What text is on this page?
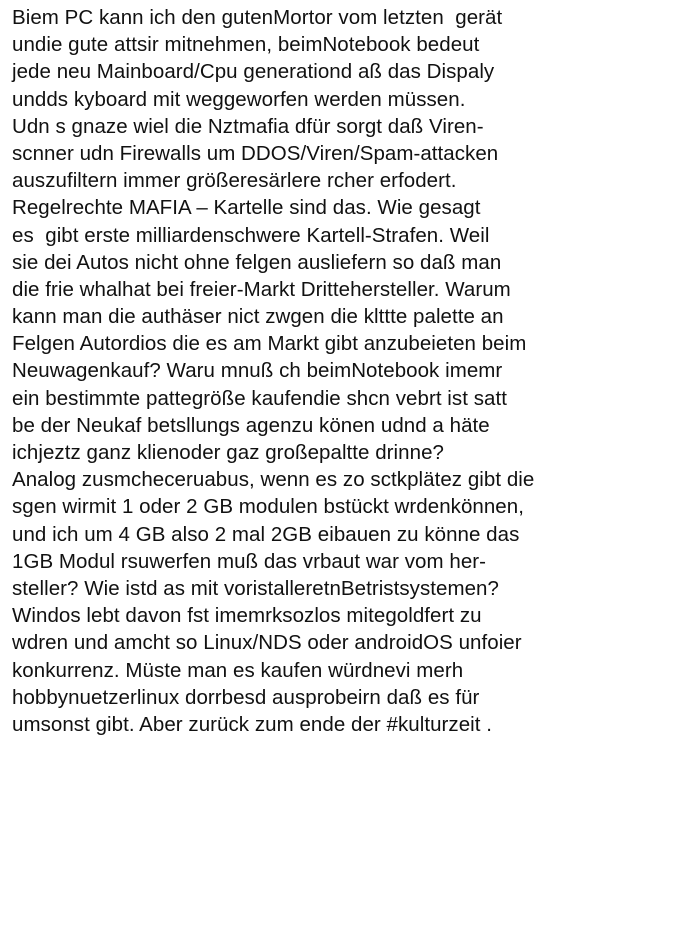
Biem PC kann ich den gutenMortor vom letzten  gerät
undie gute attsir mitnehmen, beimNotebook bedeut
jede neu Mainboard/Cpu generationd aß das Dispaly
undds kyboard mit weggeworfen werden müssen.
Udn s gnaze wiel die Nztmafia dfür sorgt daß Viren-
scnner udn Firewalls um DDOS/Viren/Spam-attacken
auszufiltern immer größeresärlere rcher erfodert.
Regelrechte MAFIA – Kartelle sind das. Wie gesagt
es  gibt erste milliardenschwere Kartell-Strafen. Weil
sie dei Autos nicht ohne felgen ausliefern so daß man
die frie whalhat bei freier-Markt Drittehersteller. Warum
kann man die authäser nict zwgen die klttte palette an
Felgen Autordios die es am Markt gibt anzubeieten beim
Neuwagenkauf? Waru mnuß ch beimNotebook imemr
ein bestimmte pattegröße kaufendie shcn vebrt ist satt
be der Neukaf betsllungs agenzu könen udnd a häte
ichjeztz ganz klienoder gaz großepaltte drinne?
Analog zusmcheceruabus, wenn es zo sctkplätez gibt die
sgen wirmit 1 oder 2 GB modulen bstückt wrdenkönnen,
und ich um 4 GB also 2 mal 2GB eibauen zu könne das
1GB Modul rsuwerfen muß das vrbaut war vom her-
steller? Wie istd as mit voristalleretnBetristsystemen?
Windos lebt davon fst imemrksozlos mitegoldfert zu
wdren und amcht so Linux/NDS oder androidOS unfoier
konkurrenz. Müste man es kaufen würdnevi merh
hobbynuetzerlinux dorrbesd ausprobeirn daß es für
umsonst gibt. Aber zurück zum ende der #kulturzeit .
